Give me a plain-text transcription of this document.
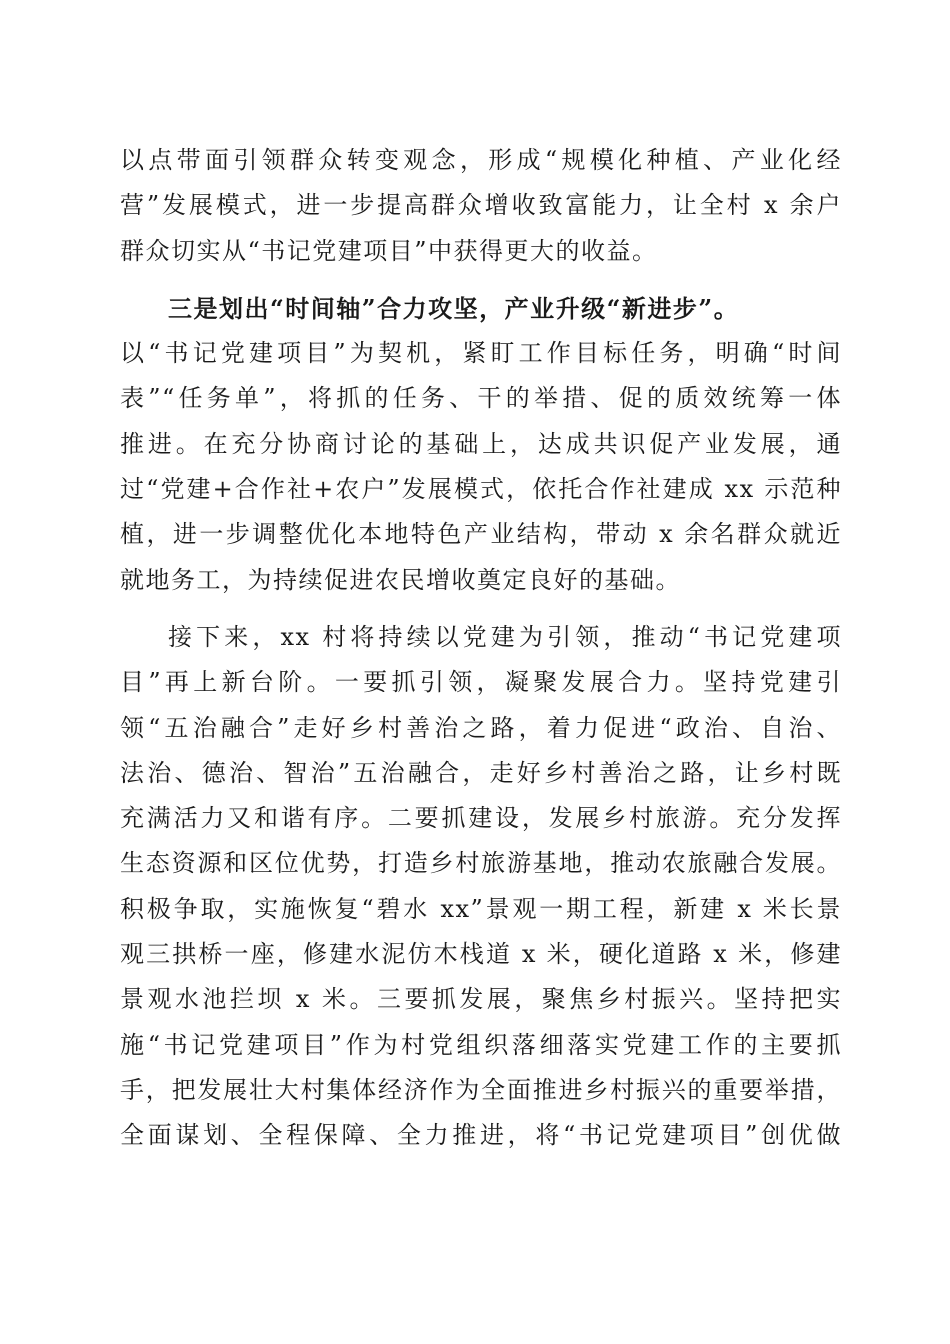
以点带面引领群众转变观念，形成“规模化种植、产业化经
营”发展模式，进一步提高群众增收致富能力，让全村 x 余户
群众切实从“书记党建项目”中获得更大的收益。
三是划出“时间轴”合力攻坚，产业升级“新进步”。
以“书记党建项目”为契机，紧盯工作目标任务，明确“时间
表”“任务单”，将抓的任务、干的举措、促的质效统筹一体
推进。在充分协商讨论的基础上，达成共识促产业发展，通
过“党建+合作社+农户”发展模式，依托合作社建成 xx 示范种
植，进一步调整优化本地特色产业结构，带动 x 余名群众就近
就地务工，为持续促进农民增收奠定良好的基础。
接下来，xx 村将持续以党建为引领，推动“书记党建项
目”再上新台阶。一要抓引领，凝聚发展合力。坚持党建引
领“五治融合”走好乡村善治之路，着力促进“政治、自治、
法治、德治、智治”五治融合，走好乡村善治之路，让乡村既
充满活力又和谐有序。二要抓建设，发展乡村旅游。充分发挥
生态资源和区位优势，打造乡村旅游基地，推动农旅融合发展。
积极争取，实施恢复“碧水 xx”景观一期工程，新建 x 米长景
观三拱桥一座，修建水泥仿木栈道 x 米，硬化道路 x 米，修建
景观水池拦坝 x 米。三要抓发展，聚焦乡村振兴。坚持把实
施“书记党建项目”作为村党组织落细落实党建工作的主要抓
手，把发展壮大村集体经济作为全面推进乡村振兴的重要举措，
全面谋划、全程保障、全力推进，将“书记党建项目”创优做
